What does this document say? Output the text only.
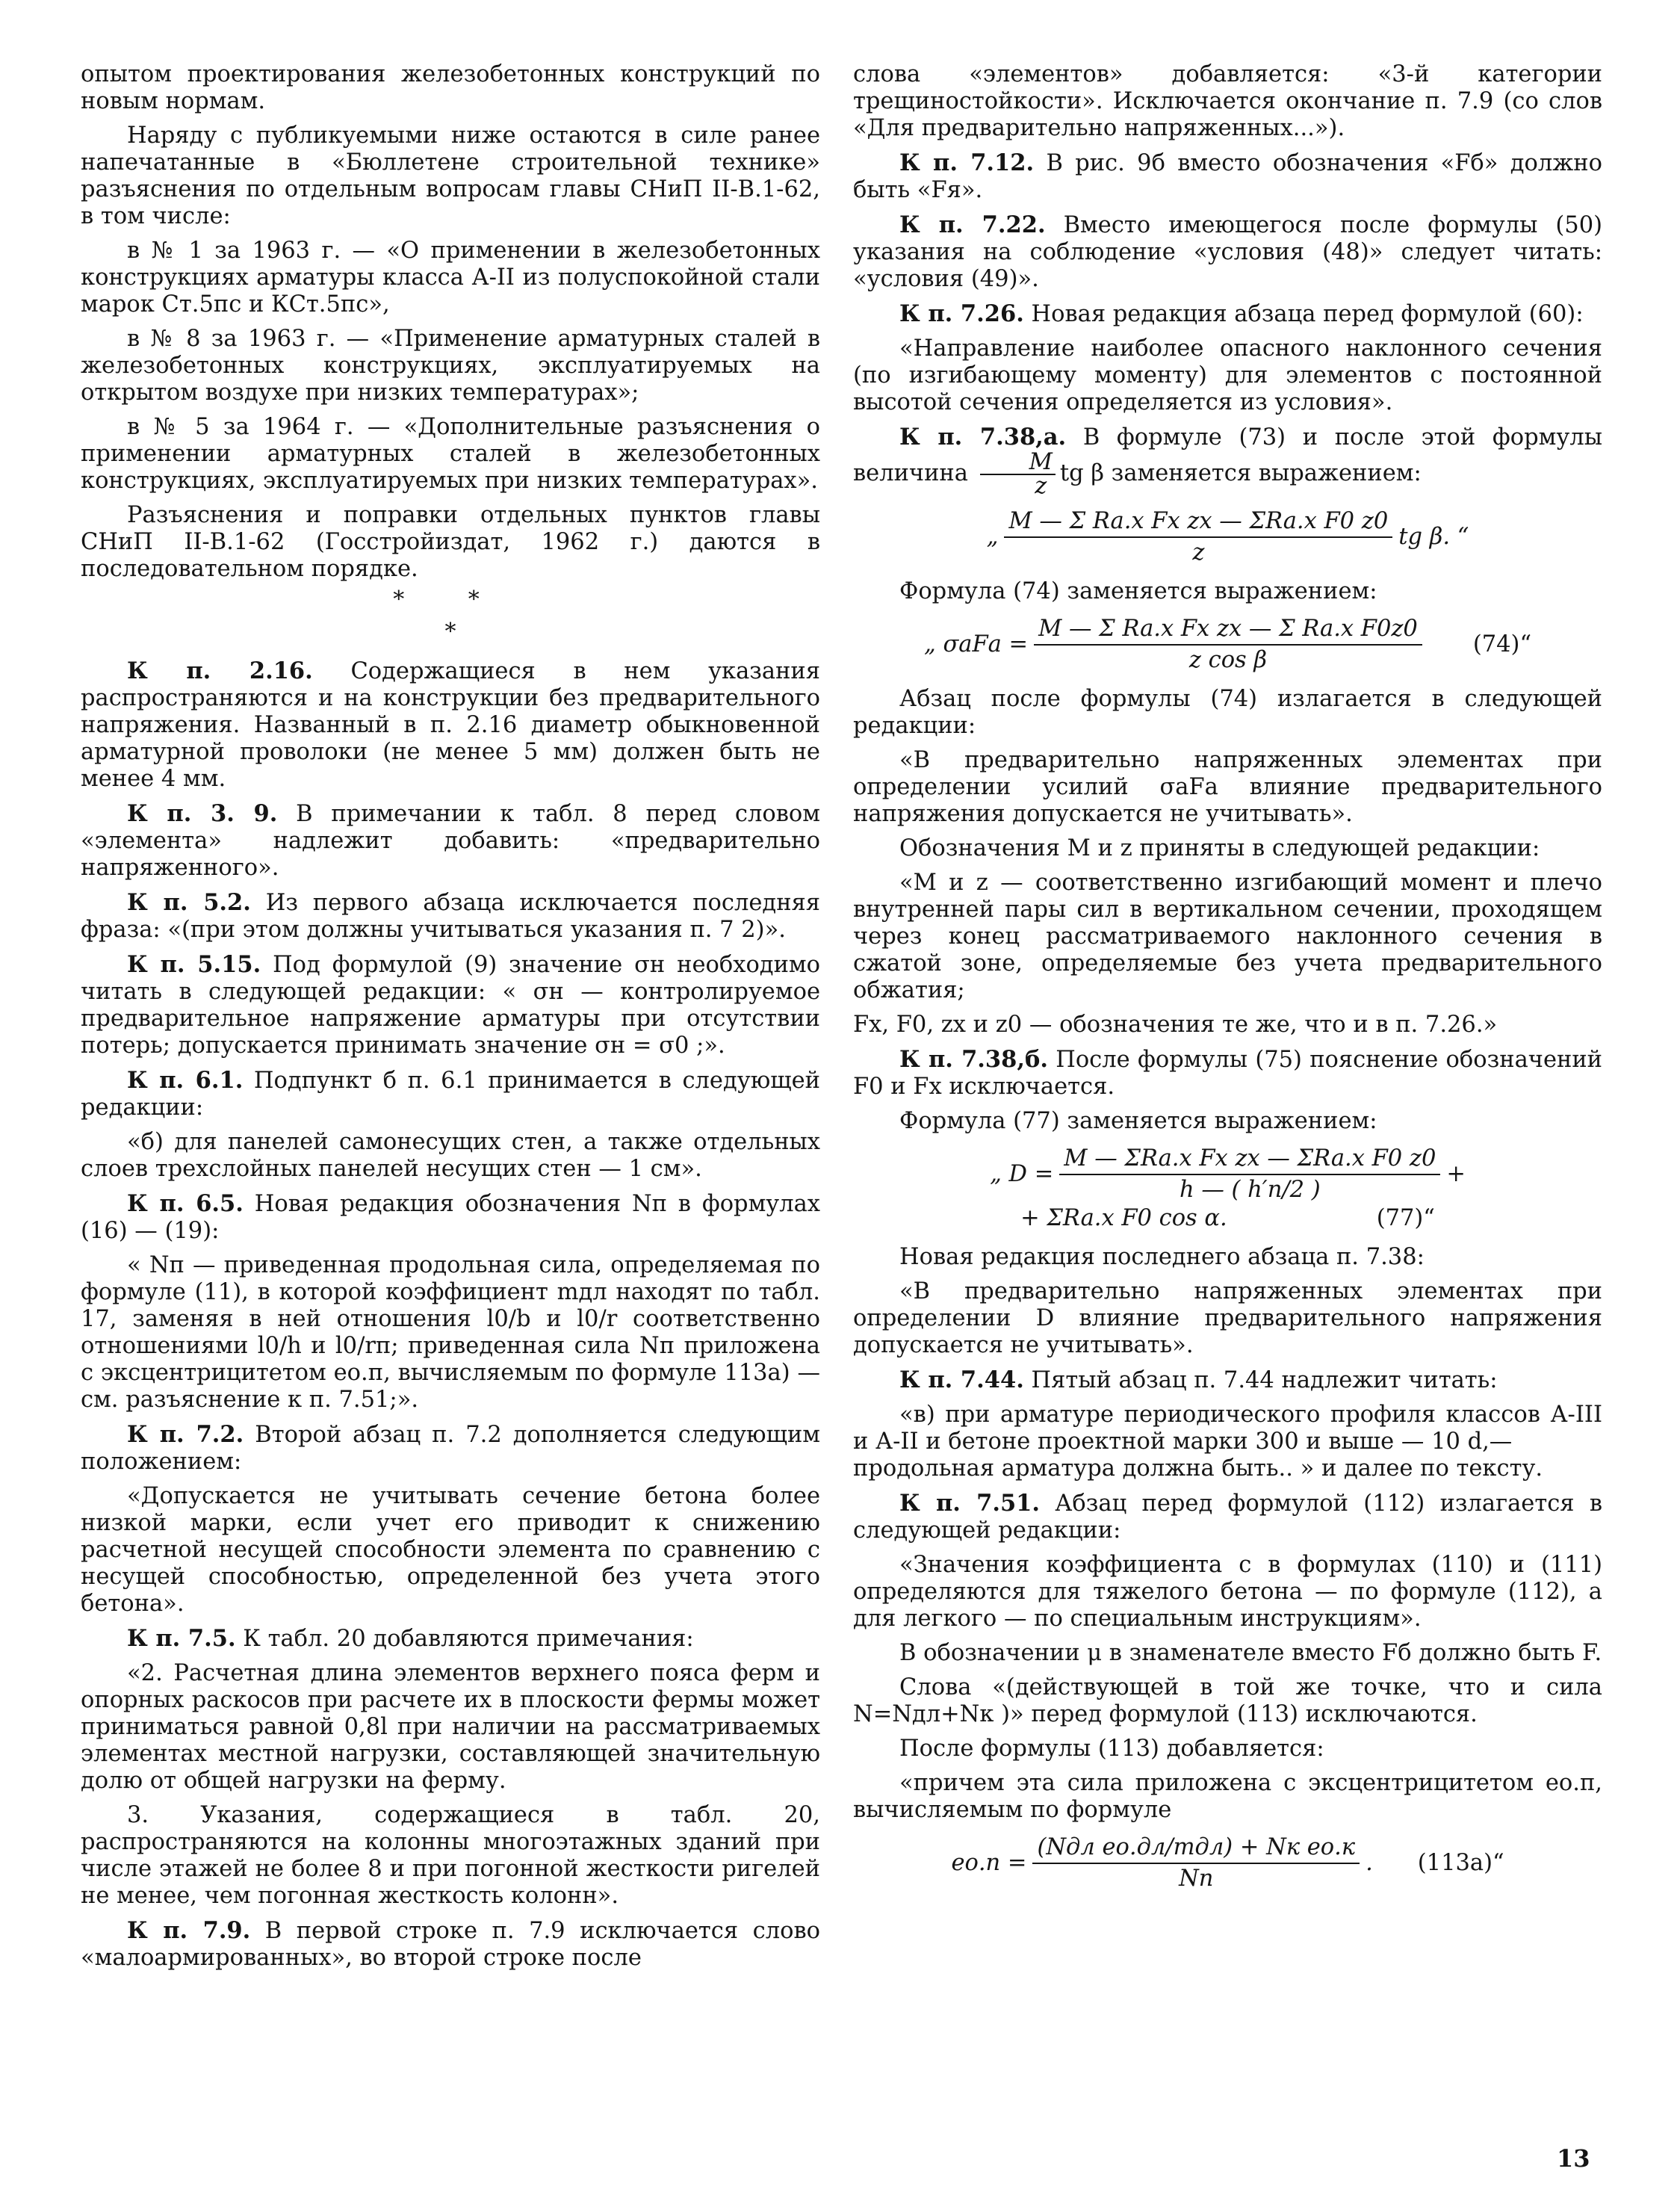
опытом проектирования железобетонных конструкций по новым нормам.

Наряду с публикуемыми ниже остаются в силе ранее напечатанные в «Бюллетене строительной технике» разъяснения по отдельным вопросам главы СНиП II-В.1-62, в том числе:

в № 1 за 1963 г. — «О применении в железобетонных конструкциях арматуры класса А-II из полуспокойной стали марок Ст.5пс и КСт.5пс»,

в № 8 за 1963 г. — «Применение арматурных сталей в железобетонных конструкциях, эксплуатируемых на открытом воздухе при низких температурах»;

в № 5 за 1964 г. — «Дополнительные разъяснения о применении арматурных сталей в железобетонных конструкциях, эксплуатируемых при низких температурах».

Разъяснения и поправки отдельных пунктов главы СНиП II-В.1-62 (Госстройиздат, 1962 г.) даются в последовательном порядке.

* *
*

К п. 2.16. Содержащиеся в нем указания распространяются и на конструкции без предварительного напряжения. Названный в п. 2.16 диаметр обыкновенной арматурной проволоки (не менее 5 мм) должен быть не менее 4 мм.

К п. 3. 9. В примечании к табл. 8 перед словом «элемента» надлежит добавить: «предварительно напряженного».

К п. 5.2. Из первого абзаца исключается последняя фраза: «(при этом должны учитываться указания п. 7 2)».

К п. 5.15. Под формулой (9) значение σн необходимо читать в следующей редакции: « σн — контролируемое предварительное напряжение арматуры при отсутствии потерь; допускается принимать значение σн = σ0 ;».

К п. 6.1. Подпункт б п. 6.1 принимается в следующей редакции:

«б) для панелей самонесущих стен, а также отдельных слоев трехслойных панелей несущих стен — 1 см».

К п. 6.5. Новая редакция обозначения Nп в формулах (16) — (19):

« Nп — приведенная продольная сила, определяемая по формуле (11), в которой коэффициент mдл находят по табл. 17, заменяя в ней отношения l0/b и l0/r соответственно отношениями l0/h и l0/rп; приведенная сила Nп приложена с эксцентрицитетом eо.п, вычисляемым по формуле 113а) — см. разъяснение к п. 7.51;».

К п. 7.2. Второй абзац п. 7.2 дополняется следующим положением:

«Допускается не учитывать сечение бетона более низкой марки, если учет его приводит к снижению расчетной несущей способности элемента по сравнению с несущей способностью, определенной без учета этого бетона».

К п. 7.5. К табл. 20 добавляются примечания:

«2. Расчетная длина элементов верхнего пояса ферм и опорных раскосов при расчете их в плоскости фермы может приниматься равной 0,8l при наличии на рассматриваемых элементах местной нагрузки, составляющей значительную долю от общей нагрузки на ферму.

3. Указания, содержащиеся в табл. 20, распространяются на колонны многоэтажных зданий при числе этажей не более 8 и при погонной жесткости ригелей не менее, чем погонная жесткость колонн».

К п. 7.9. В первой строке п. 7.9 исключается слово «малоармированных», во второй строке после

слова «элементов» добавляется: «3-й категории трещиностойкости». Исключается окончание п. 7.9 (со слов «Для предварительно напряженных...»).

К п. 7.12. В рис. 9б вместо обозначения «Fб» должно быть «Fя».

К п. 7.22. Вместо имеющегося после формулы (50) указания на соблюдение «условия (48)» следует читать: «условия (49)».

К п. 7.26. Новая редакция абзаца перед формулой (60):

«Направление наиболее опасного наклонного сечения (по изгибающему моменту) для элементов с постоянной высотой сечения определяется из условия».

К п. 7.38,а. В формуле (73) и после этой формулы величина $\frac{M}{z}$ tg β заменяется выражением:

„ $\frac{\text{M — Σ Ra.x Fx zx — ΣRa.x F0 z0}}{z}$ tg β. “

Формула (74) заменяется выражением:

„ $\sigma аFа = \frac{\text{M — Σ Ra.x Fx zx — Σ Ra.x F0z0}}{\text{z cos β}}$ (74)“

Абзац после формулы (74) излагается в следующей редакции:

«В предварительно напряженных элементах при определении усилий σаFа влияние предварительного напряжения допускается не учитывать».

Обозначения M и z приняты в следующей редакции:

«M и z — соответственно изгибающий момент и плечо внутренней пары сил в вертикальном сечении, проходящем через конец рассматриваемого наклонного сечения в сжатой зоне, определяемые без учета предварительного обжатия;

Fx, F0, zx и z0 — обозначения те же, что и в п. 7.26.»

К п. 7.38,б. После формулы (75) пояснение обозначений F0 и Fx исключается.

Формула (77) заменяется выражением:

„ $D = \frac{\text{M — ΣRa.x Fx zx — ΣRa.x F0 z0}}{h — ( h'п/2 )}$ +
+ ΣRa.x F0 cos α.	(77)“

Новая редакция последнего абзаца п. 7.38:

«В предварительно напряженных элементах при определении D влияние предварительного напряжения допускается не учитывать».

К п. 7.44. Пятый абзац п. 7.44 надлежит читать:

«в) при арматуре периодического профиля классов А-III и А-II и бетоне проектной марки 300 и выше — 10 d,—

продольная арматура должна быть.. » и далее по тексту.

К п. 7.51. Абзац перед формулой (112) излагается в следующей редакции:

«Значения коэффициента c в формулах (110) и (111) определяются для тяжелого бетона — по формуле (112), а для легкого — по специальным инструкциям».

В обозначении μ в знаменателе вместо Fб должно быть F.

Слова «(действующей в той же точке, что и сила N=Nдл+Nк )» перед формулой (113) исключаются.

После формулы (113) добавляется:

«причем эта сила приложена с эксцентрицитетом eо.п, вычисляемым по формуле

$eо.п = \frac{\text{(Nдл eо.дл/mдл) + Nк eо.к}}{Nп}$ . (113а)“
13
